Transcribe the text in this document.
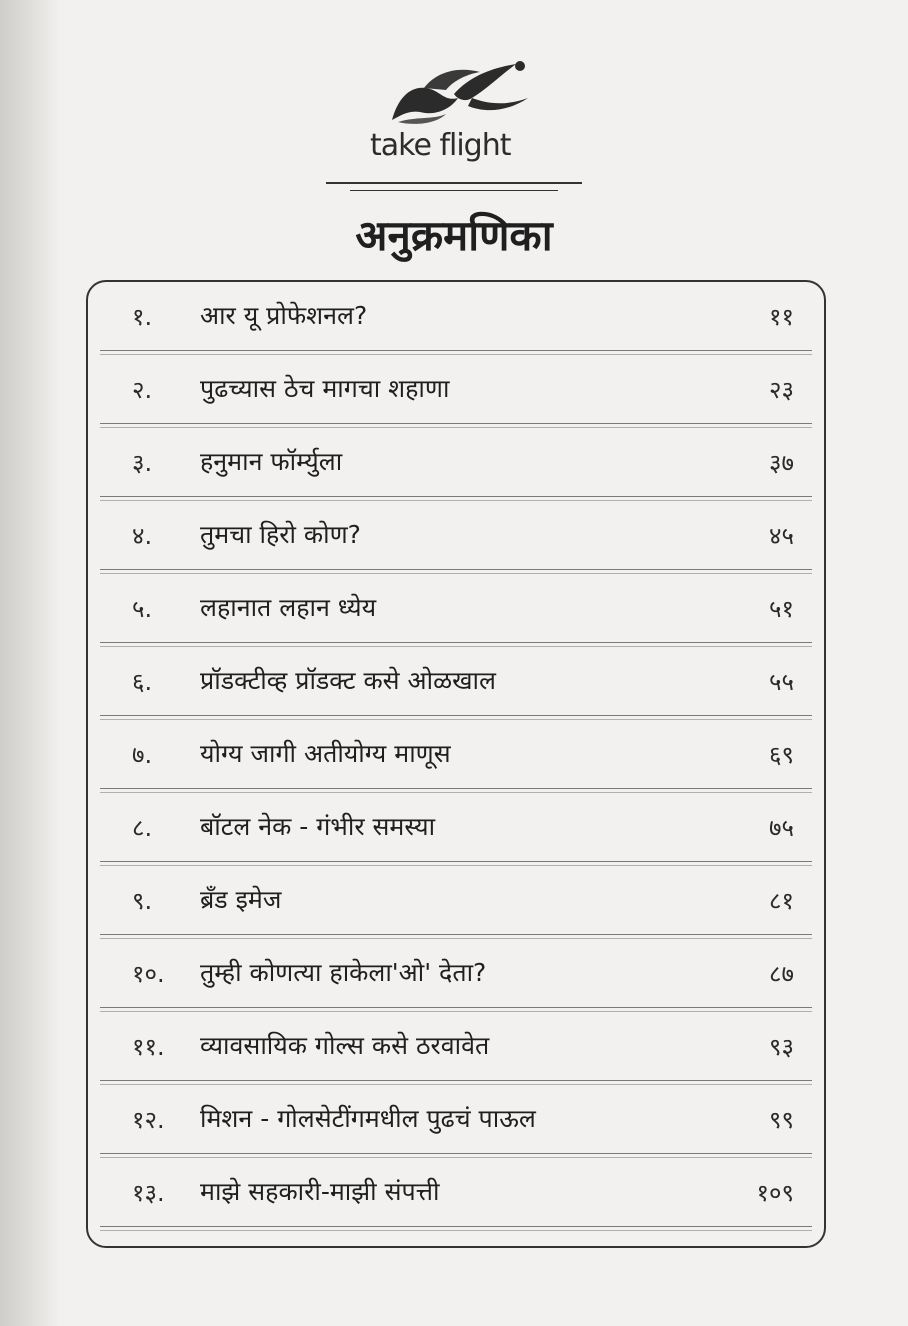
take flight
अनुक्रमणिका
१. आर यू प्रोफेशनल?	११
२. पुढच्यास ठेच मागचा शहाणा	२३
३. हनुमान फॉर्म्युला	३७
४. तुमचा हिरो कोण?	४५
५. लहानात लहान ध्येय	५१
६. प्रॉडक्टीव्ह प्रॉडक्ट कसे ओळखाल	५५
७. योग्य जागी अतीयोग्य माणूस	६९
८. बॉटल नेक - गंभीर समस्या	७५
९. ब्रँड इमेज	८१
१०. तुम्ही कोणत्या हाकेला'ओ' देता?	८७
११. व्यावसायिक गोल्स कसे ठरवावेत	९३
१२. मिशन - गोलसेटींगमधील पुढचं पाऊल	९९
१३. माझे सहकारी-माझी संपत्ती	१०९
